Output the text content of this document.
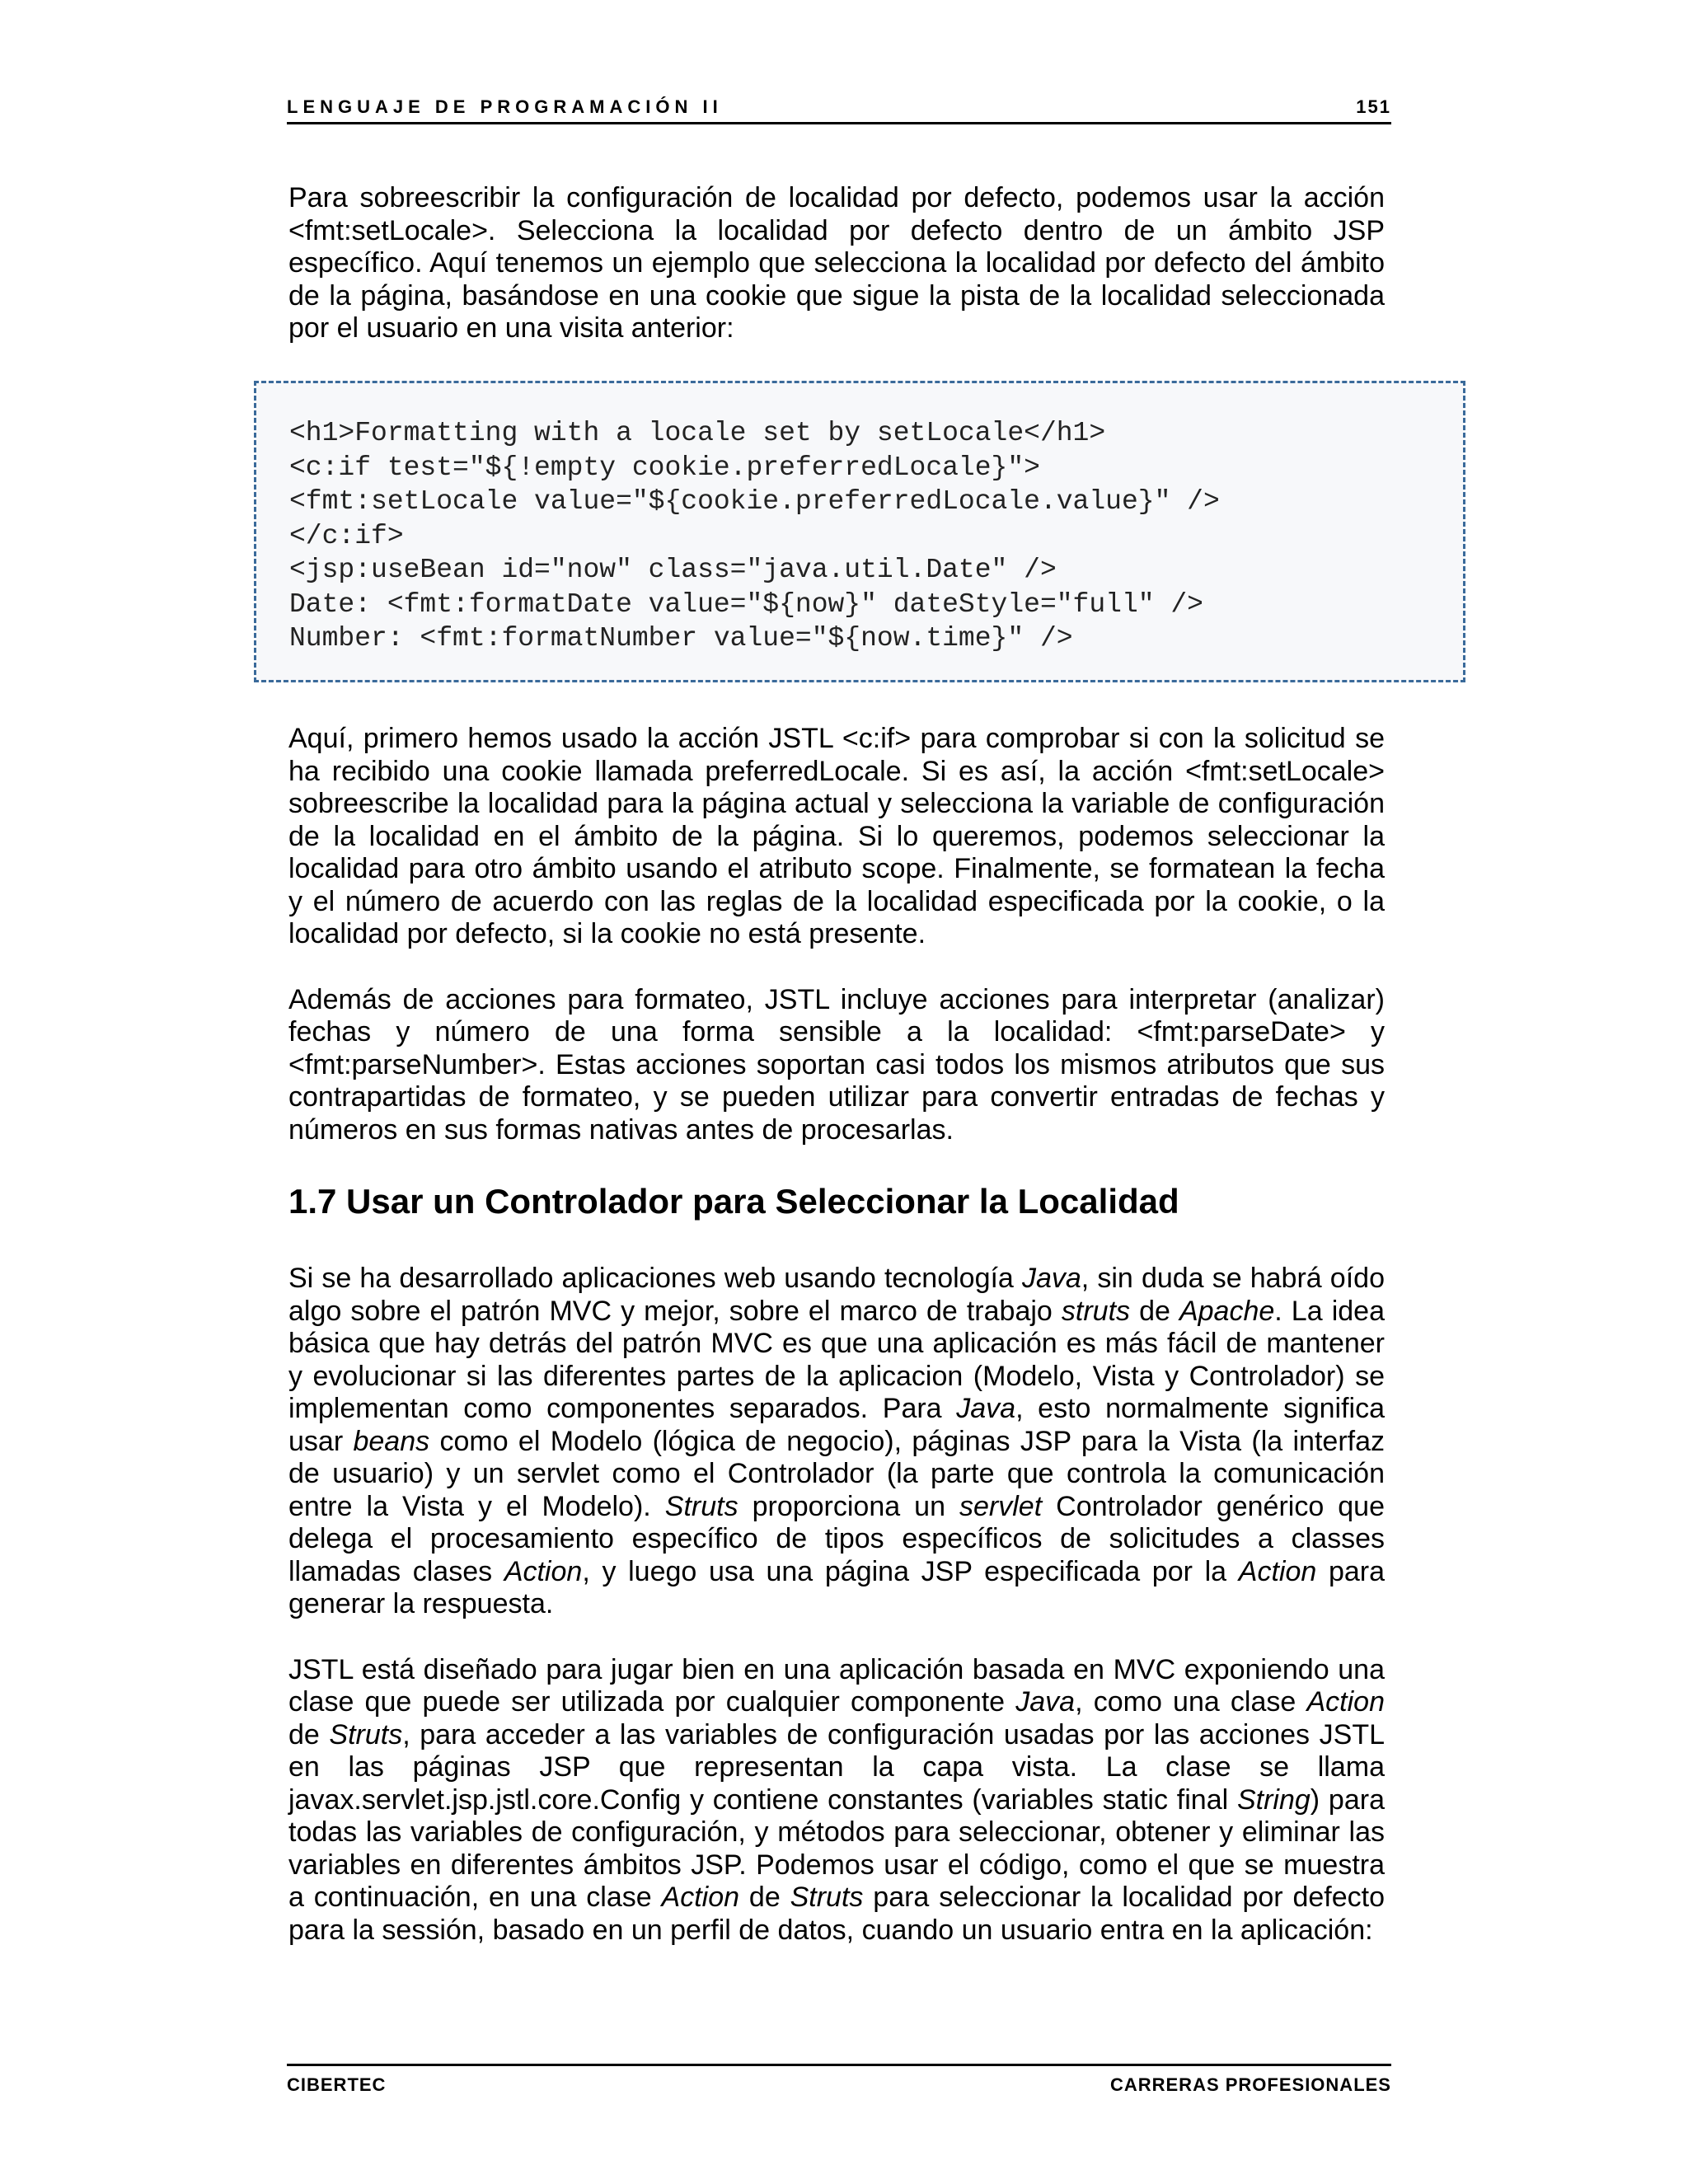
LENGUAJE DE PROGRAMACIÓN II	151

Para sobreescribir la configuración de localidad por defecto, podemos usar la acción <fmt:setLocale>. Selecciona la localidad por defecto dentro de un ámbito JSP específico. Aquí tenemos un ejemplo que selecciona la localidad por defecto del ámbito de la página, basándose en una cookie que sigue la pista de la localidad seleccionada por el usuario en una visita anterior:

<h1>Formatting with a locale set by setLocale</h1>
<c:if test="${!empty cookie.preferredLocale}">
<fmt:setLocale value="${cookie.preferredLocale.value}" />
</c:if>
<jsp:useBean id="now" class="java.util.Date" />
Date: <fmt:formatDate value="${now}" dateStyle="full" />
Number: <fmt:formatNumber value="${now.time}" />

Aquí, primero hemos usado la acción JSTL <c:if> para comprobar si con la solicitud se ha recibido una cookie llamada preferredLocale. Si es así, la acción <fmt:setLocale> sobreescribe la localidad para la página actual y selecciona la variable de configuración de la localidad en el ámbito de la página. Si lo queremos, podemos seleccionar la localidad para otro ámbito usando el atributo scope. Finalmente, se formatean la fecha y el número de acuerdo con las reglas de la localidad especificada por la cookie, o la localidad por defecto, si la cookie no está presente.

Además de acciones para formateo, JSTL incluye acciones para interpretar (analizar) fechas y número de una forma sensible a la localidad: <fmt:parseDate> y <fmt:parseNumber>. Estas acciones soportan casi todos los mismos atributos que sus contrapartidas de formateo, y se pueden utilizar para convertir entradas de fechas y números en sus formas nativas antes de procesarlas.

1.7 Usar un Controlador para Seleccionar la Localidad

Si se ha desarrollado aplicaciones web usando tecnología Java, sin duda se habrá oído algo sobre el patrón MVC y mejor, sobre el marco de trabajo struts de Apache. La idea básica que hay detrás del patrón MVC es que una aplicación es más fácil de mantener y evolucionar si las diferentes partes de la aplicacion (Modelo, Vista y Controlador) se implementan como componentes separados. Para Java, esto normalmente significa usar beans como el Modelo (lógica de negocio), páginas JSP para la Vista (la interfaz de usuario) y un servlet como el Controlador (la parte que controla la comunicación entre la Vista y el Modelo). Struts proporciona un servlet Controlador genérico que delega el procesamiento específico de tipos específicos de solicitudes a classes llamadas clases Action, y luego usa una página JSP especificada por la Action para generar la respuesta.

JSTL está diseñado para jugar bien en una aplicación basada en MVC exponiendo una clase que puede ser utilizada por cualquier componente Java, como una clase Action de Struts, para acceder a las variables de configuración usadas por las acciones JSTL en las páginas JSP que representan la capa vista. La clase se llama javax.servlet.jsp.jstl.core.Config y contiene constantes (variables static final String) para todas las variables de configuración, y métodos para seleccionar, obtener y eliminar las variables en diferentes ámbitos JSP. Podemos usar el código, como el que se muestra a continuación, en una clase Action de Struts para seleccionar la localidad por defecto para la sessión, basado en un perfil de datos, cuando un usuario entra en la aplicación:

CIBERTEC	CARRERAS PROFESIONALES
